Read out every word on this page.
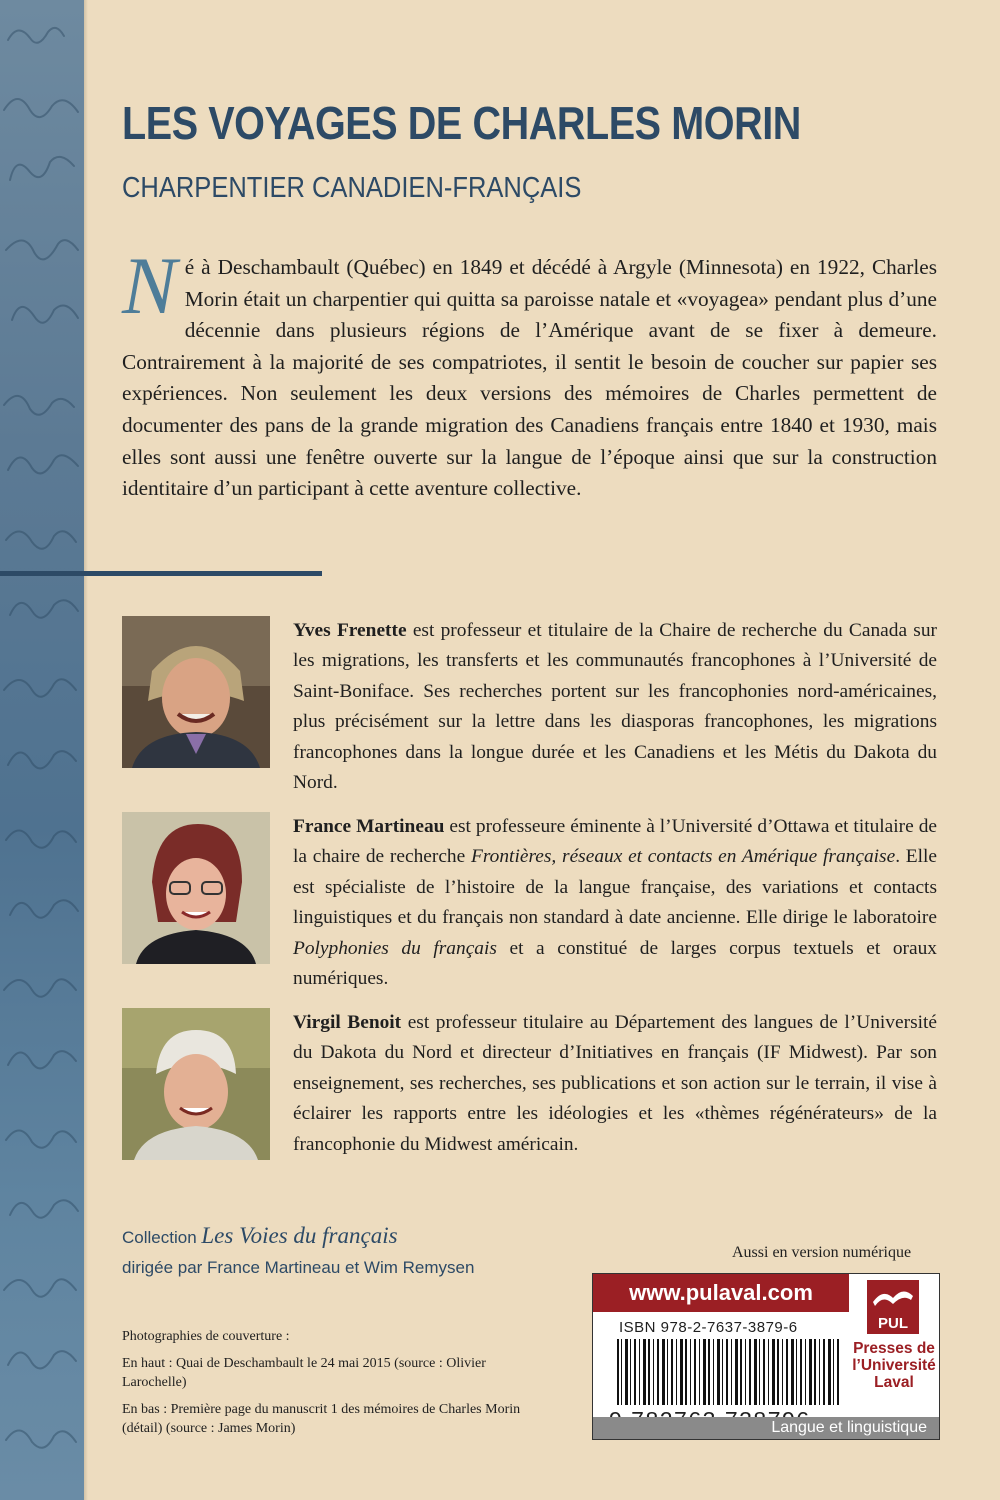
LES VOYAGES DE CHARLES MORIN
CHARPENTIER CANADIEN-FRANÇAIS

Né à Deschambault (Québec) en 1849 et décédé à Argyle (Minnesota) en 1922, Charles Morin était un charpentier qui quitta sa paroisse natale et «voyagea» pendant plus d’une décennie dans plusieurs régions de l’Amérique avant de se fixer à demeure. Contrairement à la majorité de ses compatriotes, il sentit le besoin de coucher sur papier ses expériences. Non seulement les deux versions des mémoires de Charles permettent de documenter des pans de la grande migration des Canadiens français entre 1840 et 1930, mais elles sont aussi une fenêtre ouverte sur la langue de l’époque ainsi que sur la construction identitaire d’un participant à cette aventure collective.

Yves Frenette est professeur et titulaire de la Chaire de recherche du Canada sur les migrations, les transferts et les communautés francophones à l’Université de Saint-Boniface. Ses recherches portent sur les francophonies nord-américaines, plus précisément sur la lettre dans les diasporas francophones, les migrations francophones dans la longue durée et les Canadiens et les Métis du Dakota du Nord.

France Martineau est professeure éminente à l’Université d’Ottawa et titulaire de la chaire de recherche Frontières, réseaux et contacts en Amérique française. Elle est spécialiste de l’histoire de la langue française, des variations et contacts linguistiques et du français non standard à date ancienne. Elle dirige le laboratoire Polyphonies du français et a constitué de larges corpus textuels et oraux numériques.

Virgil Benoit est professeur titulaire au Département des langues de l’Université du Dakota du Nord et directeur d’Initiatives en français (IF Midwest). Par son enseignement, ses recherches, ses publications et son action sur le terrain, il vise à éclairer les rapports entre les idéologies et les «thèmes régénérateurs» de la francophonie du Midwest américain.

Collection Les Voies du français

dirigée par France Martineau et Wim Remysen

Photographies de couverture :

En haut : Quai de Deschambault le 24 mai 2015 (source : Olivier Larochelle)

En bas : Première page du manuscrit 1 des mémoires de Charles Morin (détail) (source : James Morin)

Aussi en version numérique

www.pulaval.com
ISBN 978-2-7637-3879-6	PUL
Presses de
l’Université
Laval
Langue et linguistique
